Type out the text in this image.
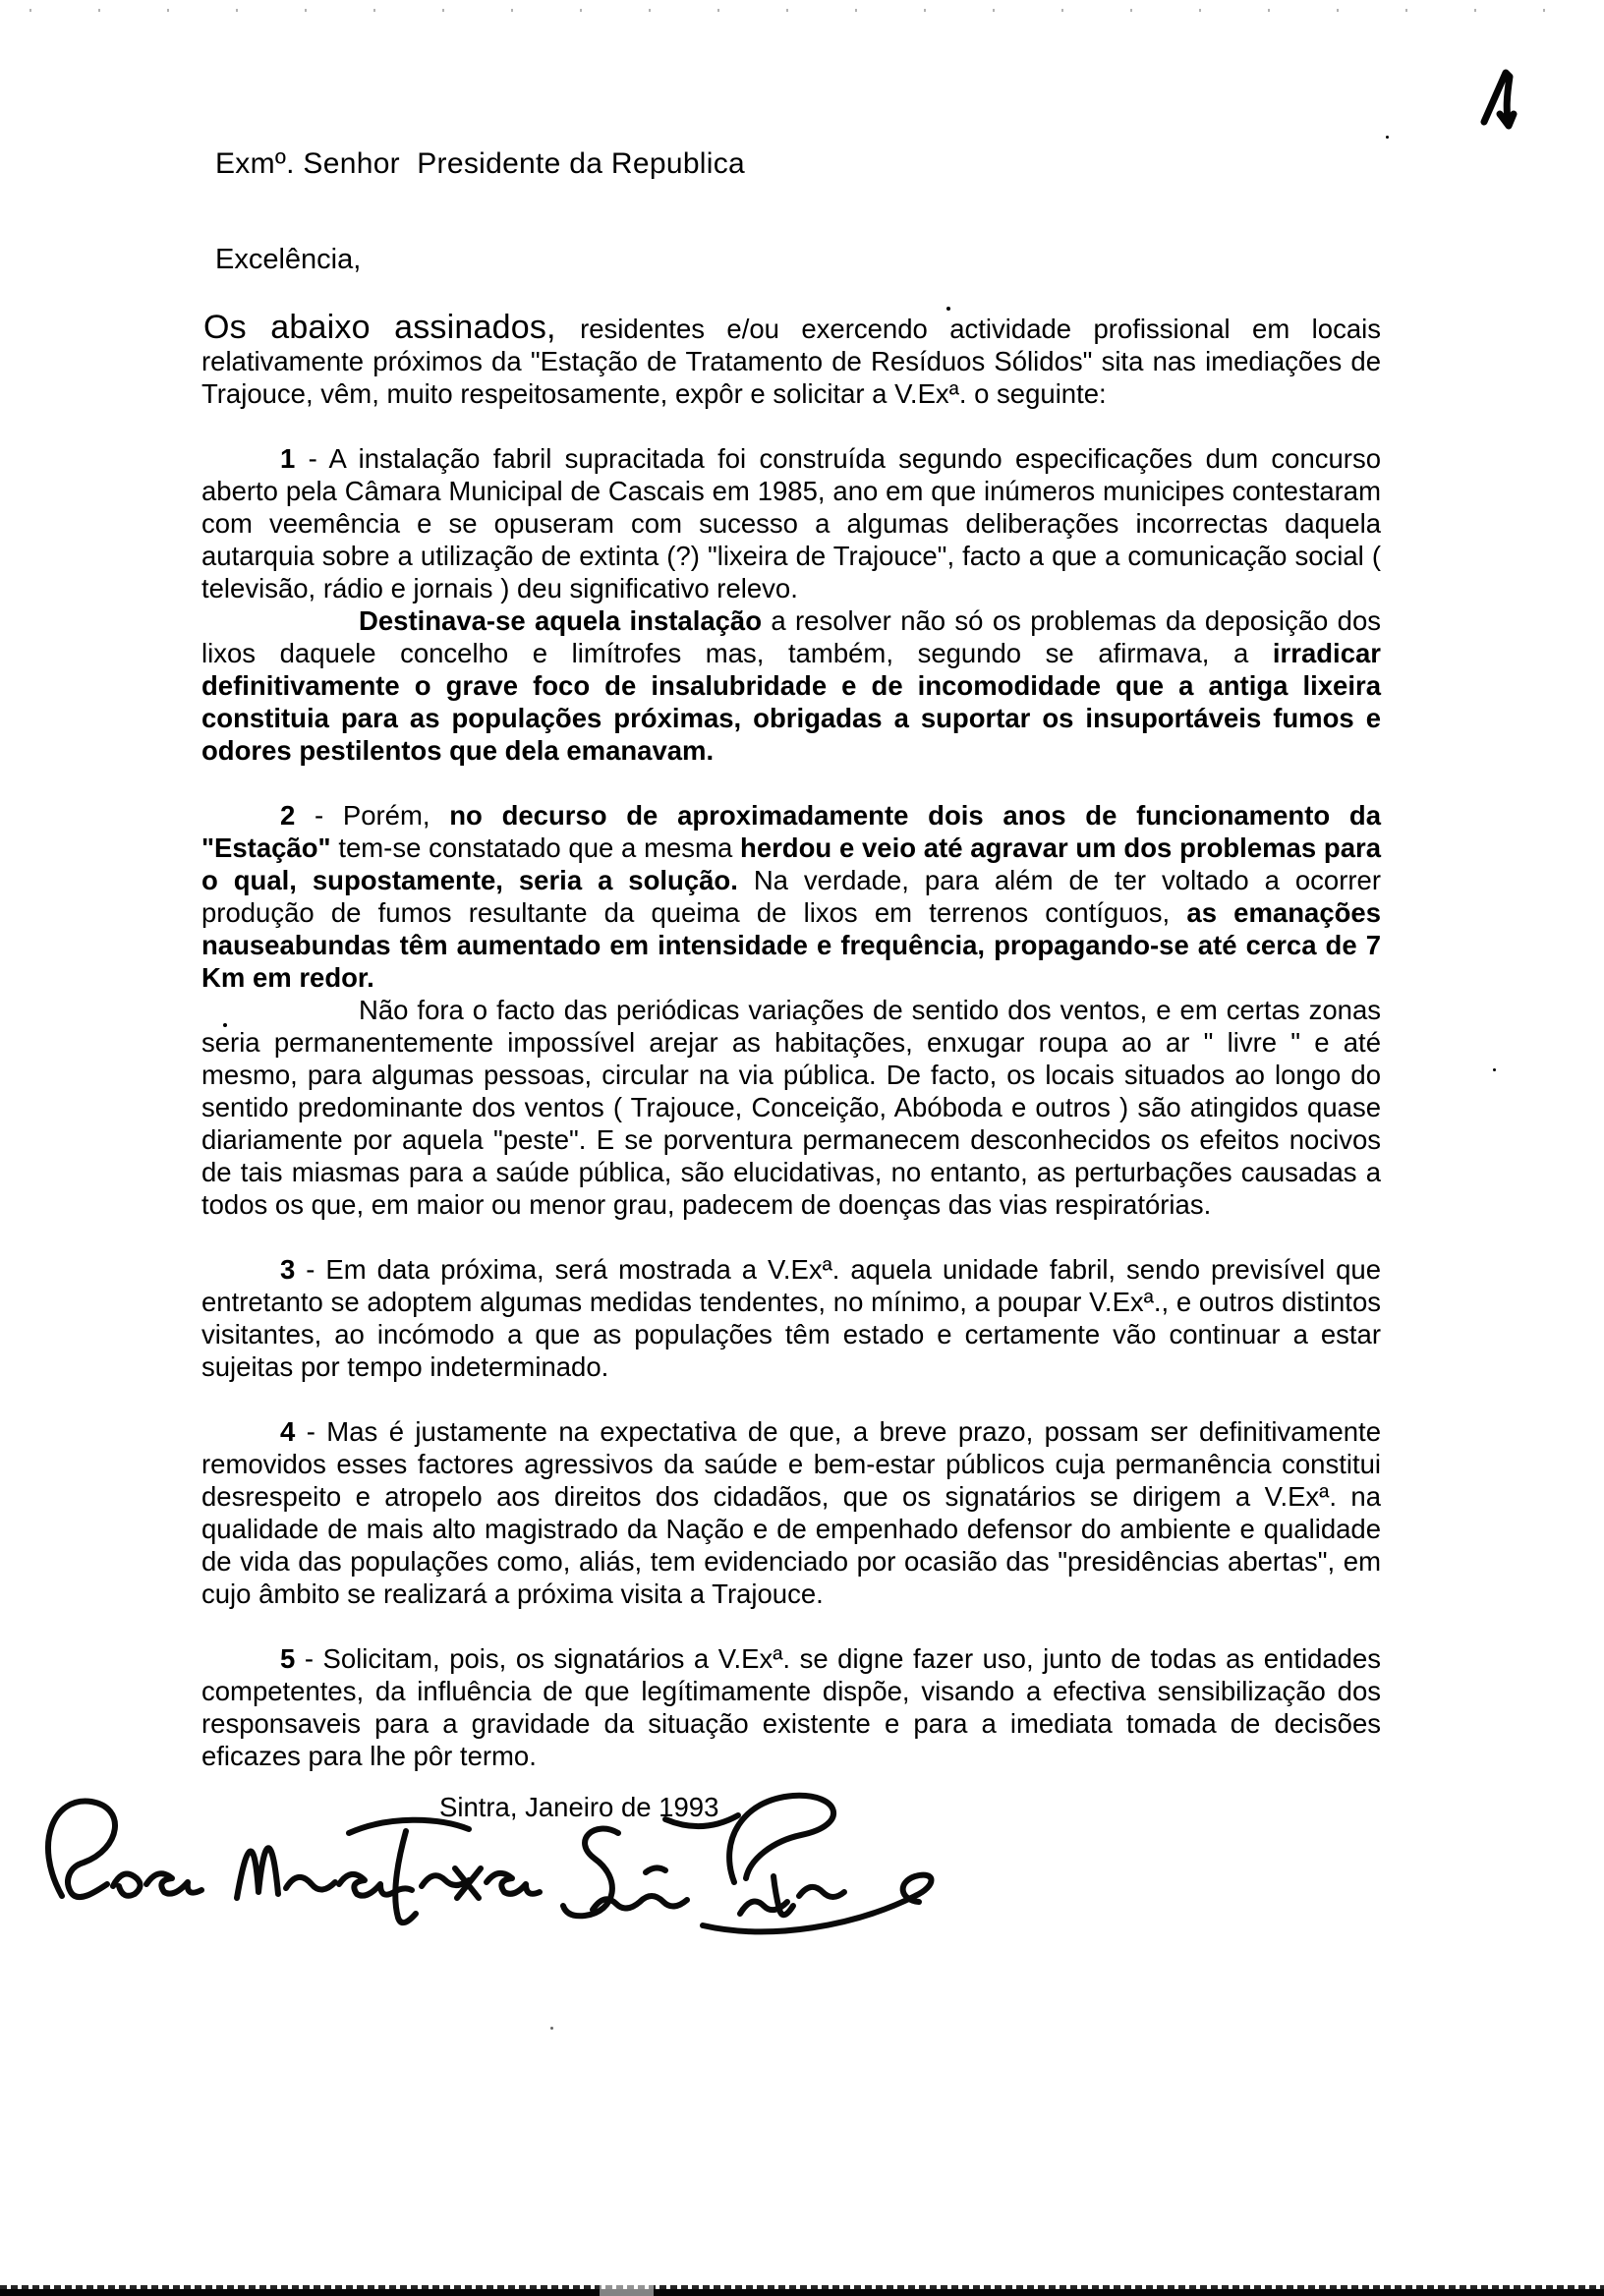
Exmº. Senhor  Presidente da Republica
Excelência,

Os abaixo assinados, residentes e/ou exercendo actividade profissional em locais relativamente próximos da "Estação de Tratamento de Resíduos Sólidos" sita nas imediações de Trajouce, vêm, muito respeitosamente, expôr e solicitar a V.Exª. o seguinte:

1 - A instalação fabril supracitada foi construída segundo especificações dum concurso aberto pela Câmara Municipal de Cascais em 1985, ano em que inúmeros municipes contestaram com veemência e se opuseram com sucesso a algumas deliberações incorrectas daquela autarquia sobre a utilização de extinta (?) "lixeira de Trajouce", facto a que a comunicação social ( televisão, rádio e jornais ) deu significativo relevo.

Destinava-se aquela instalação a resolver não só os problemas da deposição dos lixos daquele concelho e limítrofes mas, também, segundo se afirmava, a irradicar definitivamente o grave foco de insalubridade e de incomodidade que a antiga lixeira constituia para as populações próximas, obrigadas a suportar os insuportáveis fumos e odores pestilentos que dela emanavam.

2 - Porém, no decurso de aproximadamente dois anos de funcionamento da "Estação" tem-se constatado que a mesma herdou e veio até agravar um dos problemas para o qual, supostamente, seria a solução. Na verdade, para além de ter voltado a ocorrer produção de fumos resultante da queima de lixos em terrenos contíguos, as emanações nauseabundas têm aumentado em intensidade e frequência, propagando-se até cerca de 7 Km em redor.

Não fora o facto das periódicas variações de sentido dos ventos, e em certas zonas seria permanentemente impossível arejar as habitações, enxugar roupa ao ar " livre " e até mesmo, para algumas pessoas, circular na via pública. De facto, os locais situados ao longo do sentido predominante dos ventos ( Trajouce, Conceição, Abóboda e outros ) são atingidos quase diariamente por aquela "peste". E se porventura permanecem desconhecidos os efeitos nocivos de tais miasmas para a saúde pública, são elucidativas, no entanto, as perturbações causadas a todos os que, em maior ou menor grau, padecem de doenças das vias respiratórias.

3 - Em data próxima, será mostrada a V.Exª. aquela unidade fabril, sendo previsível que entretanto se adoptem algumas medidas tendentes, no mínimo, a poupar V.Exª., e outros distintos visitantes, ao incómodo a que as populações têm estado e certamente vão continuar a estar sujeitas por tempo indeterminado.

4 - Mas é justamente na expectativa de que, a breve prazo, possam ser definitivamente removidos esses factores agressivos da saúde e bem-estar públicos cuja permanência constitui desrespeito e atropelo aos direitos dos cidadãos, que os signatários se dirigem a V.Exª. na qualidade de mais alto magistrado da Nação e de empenhado defensor do ambiente e qualidade de vida das populações como, aliás, tem evidenciado por ocasião das "presidências abertas", em cujo âmbito se realizará a próxima visita a Trajouce.

5 - Solicitam, pois, os signatários a V.Exª. se digne fazer uso, junto de todas as entidades competentes, da influência de que legítimamente dispõe, visando a efectiva sensibilização dos responsaveis para a gravidade da situação existente e para a imediata tomada de decisões eficazes para lhe pôr termo.

Sintra, Janeiro de 1993
